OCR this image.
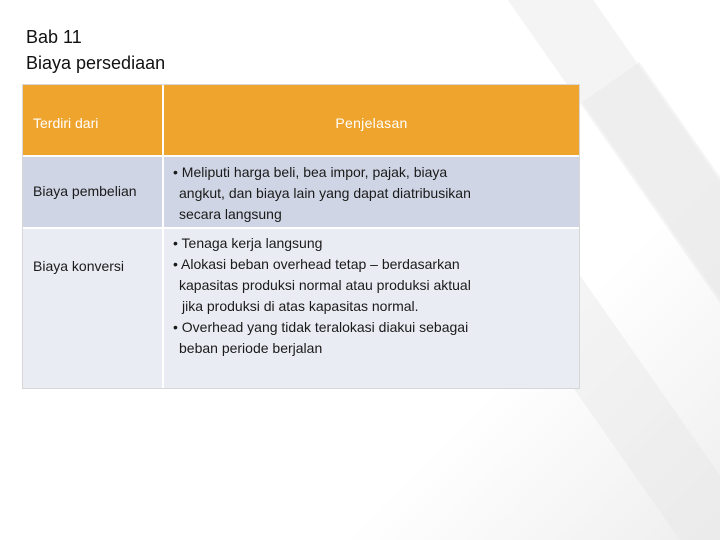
Bab 11
Biaya persediaan
Terdiri dari	Penjelasan
Biaya pembelian
• Meliputi harga beli, bea impor, pajak, biaya
angkut, dan biaya lain yang dapat diatribusikan
secara langsung
Biaya konversi
• Tenaga kerja langsung
• Alokasi beban overhead tetap – berdasarkan
kapasitas produksi normal atau produksi aktual
jika produksi di atas kapasitas normal.
• Overhead yang tidak teralokasi diakui sebagai
beban periode berjalan
